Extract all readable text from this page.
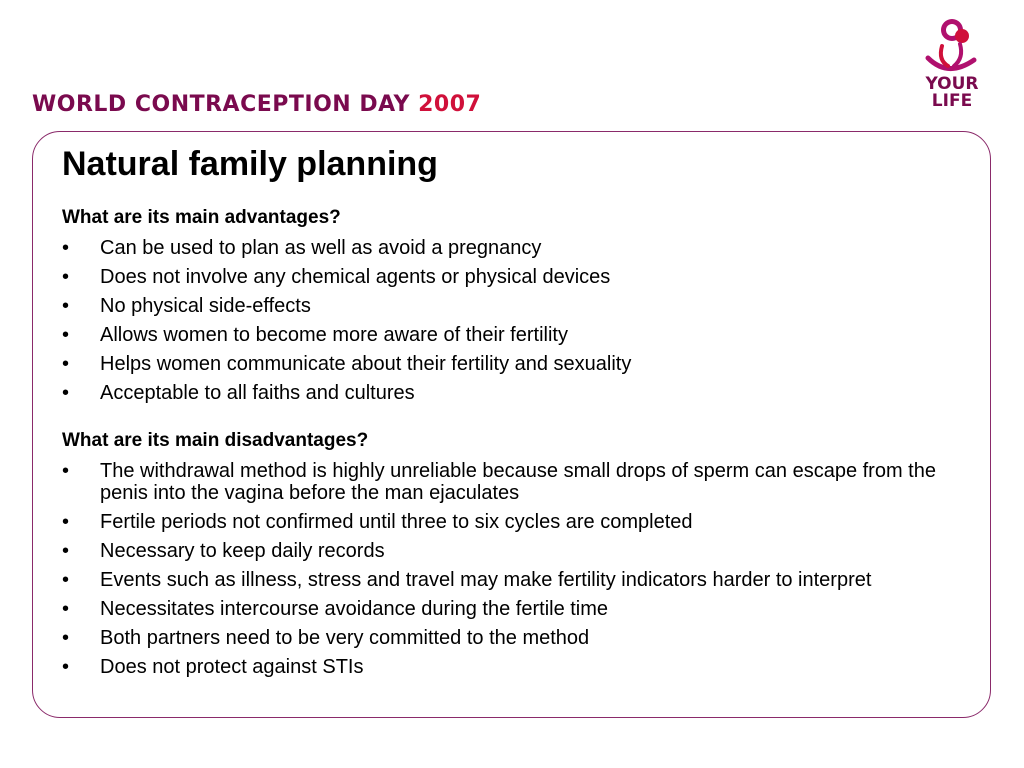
WORLD CONTRACEPTION DAY 2007
YOUR
LIFE
Natural family planning

What are its main advantages?

• Can be used to plan as well as avoid a pregnancy
• Does not involve any chemical agents or physical devices
• No physical side-effects
• Allows women to become more aware of their fertility
• Helps women communicate about their fertility and sexuality
• Acceptable to all faiths and cultures

What are its main disadvantages?

• The withdrawal method is highly unreliable because small drops of sperm can escape from the penis into the vagina before the man ejaculates
• Fertile periods not confirmed until three to six cycles are completed
• Necessary to keep daily records
• Events such as illness, stress and travel may make fertility indicators harder to interpret
• Necessitates intercourse avoidance during the fertile time
• Both partners need to be very committed to the method
• Does not protect against STIs
